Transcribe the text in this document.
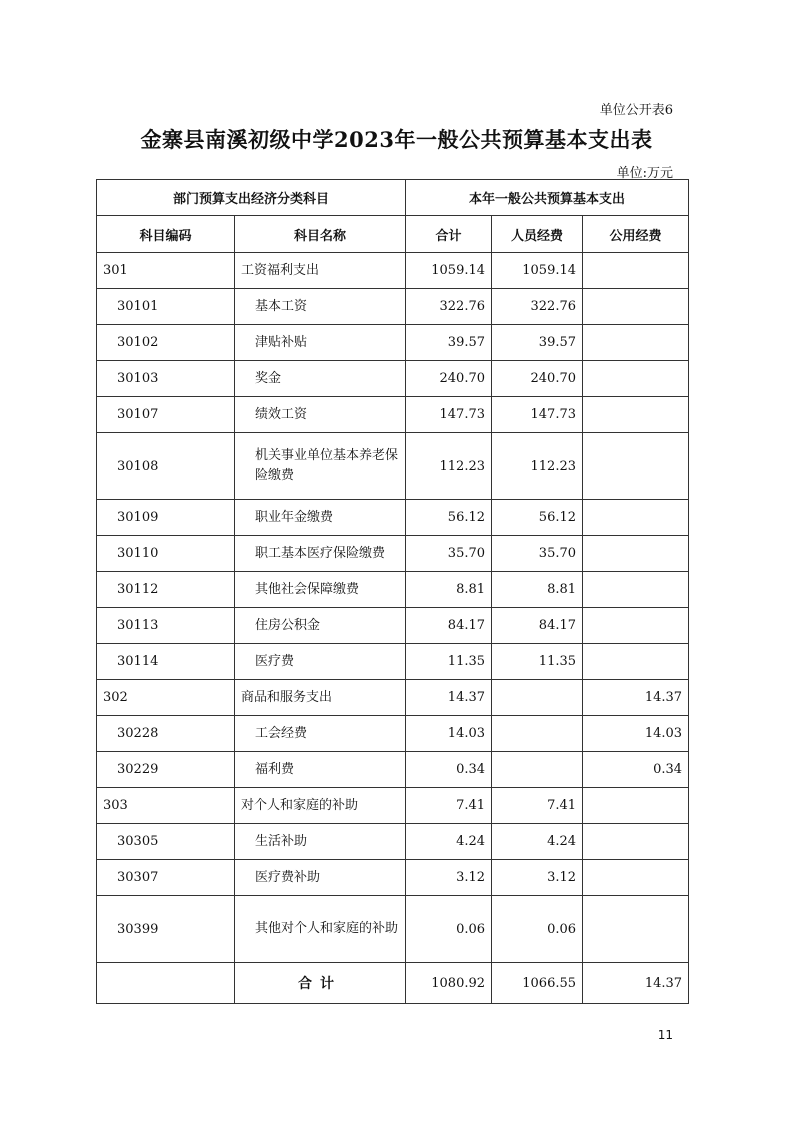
单位公开表6
金寨县南溪初级中学2023年一般公共预算基本支出表
单位:万元
部门预算支出经济分类科目		本年一般公共预算基本支出		
科目编码	科目名称	合计	人员经费	公用经费
301	工资福利支出	1059.14	1059.14	
30101	基本工资	322.76	322.76	
30102	津贴补贴	39.57	39.57	
30103	奖金	240.70	240.70	
30107	绩效工资	147.73	147.73	
30108	机关事业单位基本养老保险缴费	112.23	112.23	
30109	职业年金缴费	56.12	56.12	
30110	职工基本医疗保险缴费	35.70	35.70	
30112	其他社会保障缴费	8.81	8.81	
30113	住房公积金	84.17	84.17	
30114	医疗费	11.35	11.35	
302	商品和服务支出	14.37		14.37
30228	工会经费	14.03		14.03
30229	福利费	0.34		0.34
303	对个人和家庭的补助	7.41	7.41	
30305	生活补助	4.24	4.24	
30307	医疗费补助	3.12	3.12	
30399	其他对个人和家庭的补助	0.06	0.06	
	合计	1080.92	1066.55	14.37
11
